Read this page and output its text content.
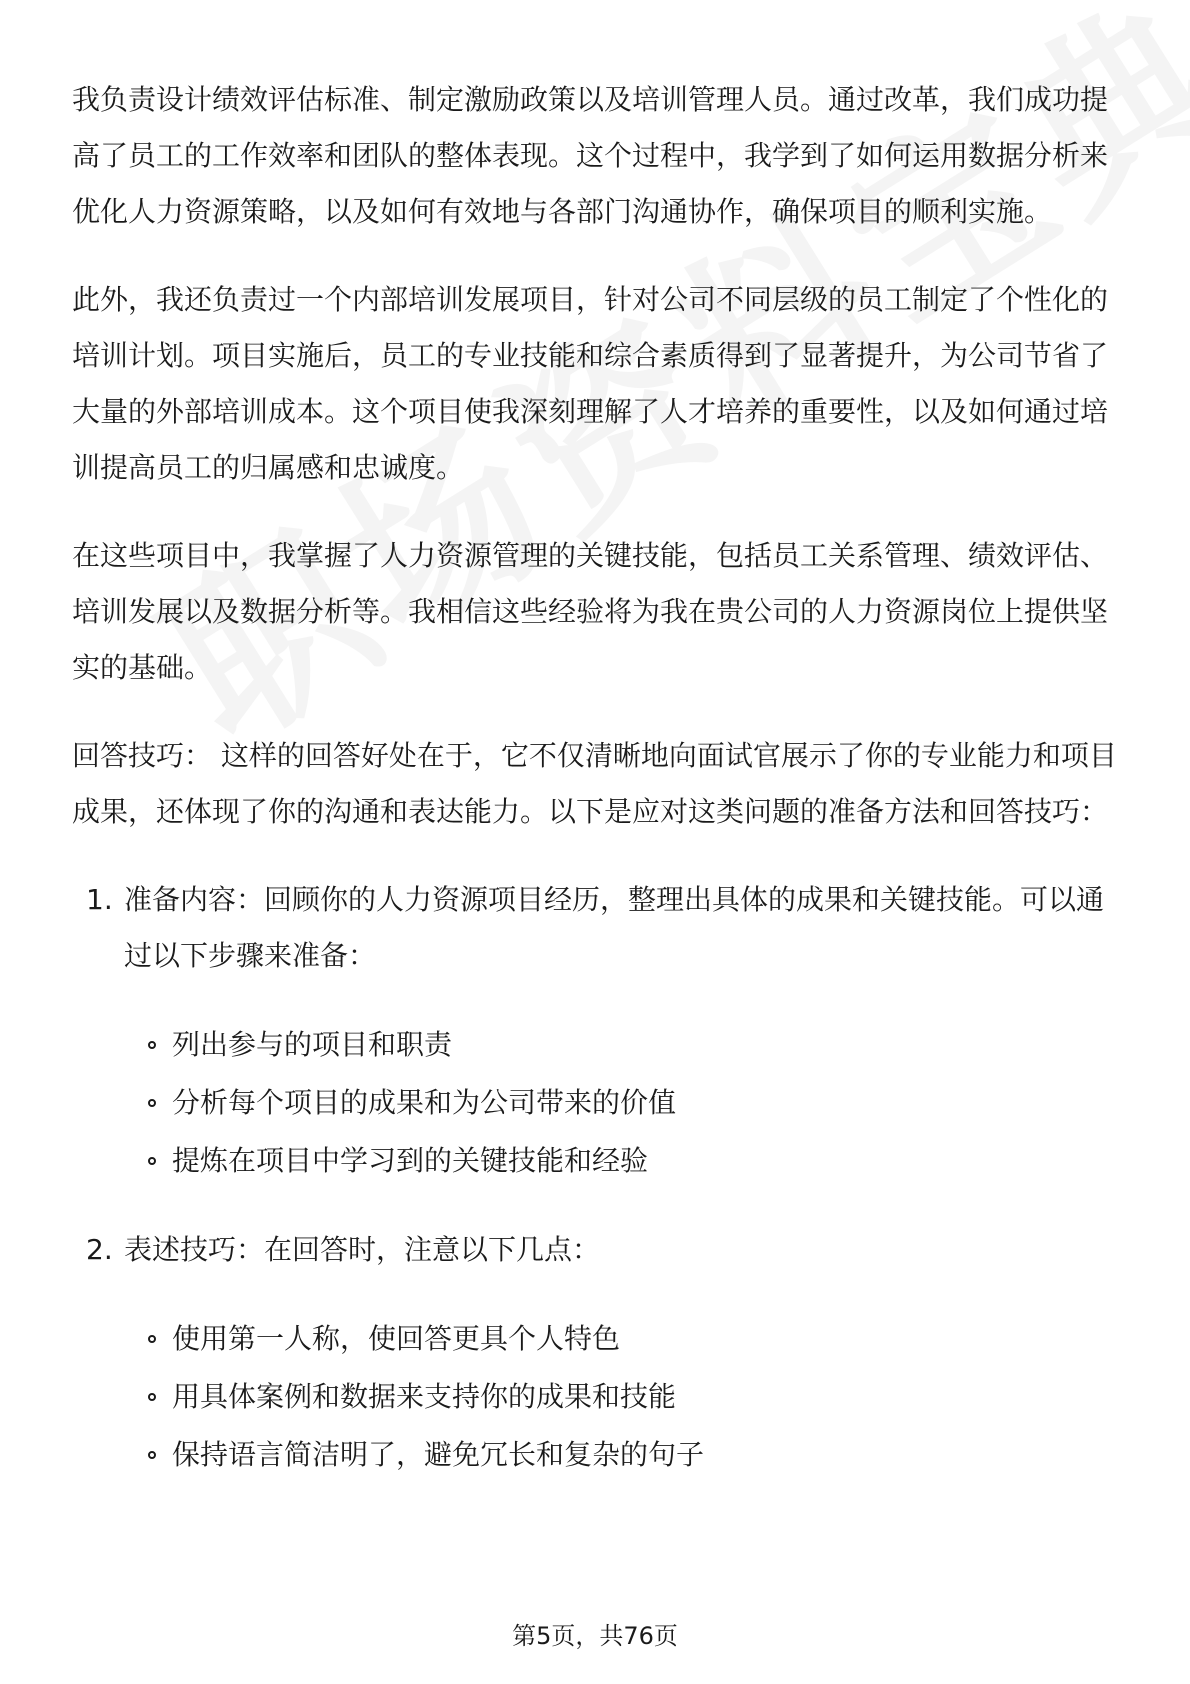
我负责设计绩效评估标准、制定激励政策以及培训管理人员。通过改革，我们成功提高了员工的工作效率和团队的整体表现。这个过程中，我学到了如何运用数据分析来优化人力资源策略，以及如何有效地与各部门沟通协作，确保项目的顺利实施。

此外，我还负责过一个内部培训发展项目，针对公司不同层级的员工制定了个性化的培训计划。项目实施后，员工的专业技能和综合素质得到了显著提升，为公司节省了大量的外部培训成本。这个项目使我深刻理解了人才培养的重要性，以及如何通过培训提高员工的归属感和忠诚度。

在这些项目中，我掌握了人力资源管理的关键技能，包括员工关系管理、绩效评估、培训发展以及数据分析等。我相信这些经验将为我在贵公司的人力资源岗位上提供坚实的基础。

回答技巧： 这样的回答好处在于，它不仅清晰地向面试官展示了你的专业能力和项目成果，还体现了你的沟通和表达能力。以下是应对这类问题的准备方法和回答技巧：

1. 准备内容：回顾你的人力资源项目经历，整理出具体的成果和关键技能。可以通过以下步骤来准备：

列出参与的项目和职责
分析每个项目的成果和为公司带来的价值
提炼在项目中学习到的关键技能和经验
2. 表述技巧：在回答时，注意以下几点：

使用第一人称，使回答更具个人特色
用具体案例和数据来支持你的成果和技能
保持语言简洁明了，避免冗长和复杂的句子
第5页，共76页
